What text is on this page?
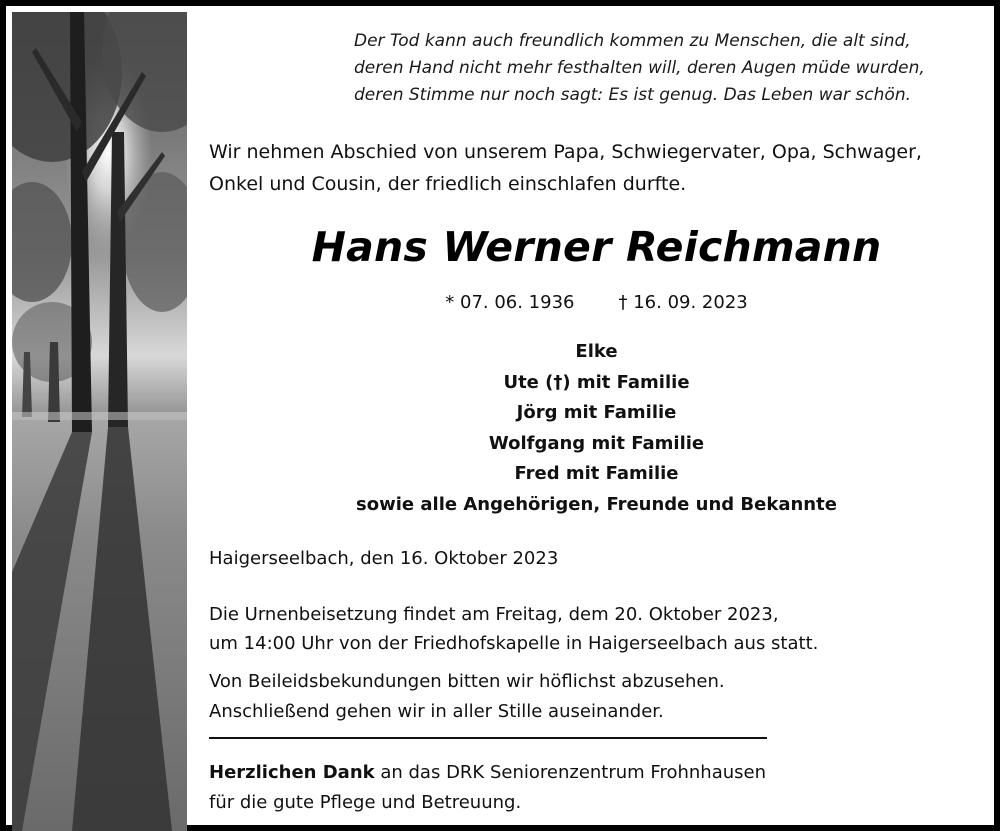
Der Tod kann auch freundlich kommen zu Menschen, die alt sind,
deren Hand nicht mehr festhalten will, deren Augen müde wurden,
deren Stimme nur noch sagt: Es ist genug. Das Leben war schön.
Wir nehmen Abschied von unserem Papa, Schwiegervater, Opa, Schwager,
Onkel und Cousin, der friedlich einschlafen durfte.
Hans Werner Reichmann
* 07. 06. 1936 † 16. 09. 2023
Elke
Ute (†) mit Familie
Jörg mit Familie
Wolfgang mit Familie
Fred mit Familie
sowie alle Angehörigen, Freunde und Bekannte
Haigerseelbach, den 16. Oktober 2023
Die Urnenbeisetzung findet am Freitag, dem 20. Oktober 2023,
um 14:00 Uhr von der Friedhofskapelle in Haigerseelbach aus statt.
Von Beileidsbekundungen bitten wir höflichst abzusehen.
Anschließend gehen wir in aller Stille auseinander.
Herzlichen Dank an das DRK Seniorenzentrum Frohnhausen
für die gute Pflege und Betreuung.
